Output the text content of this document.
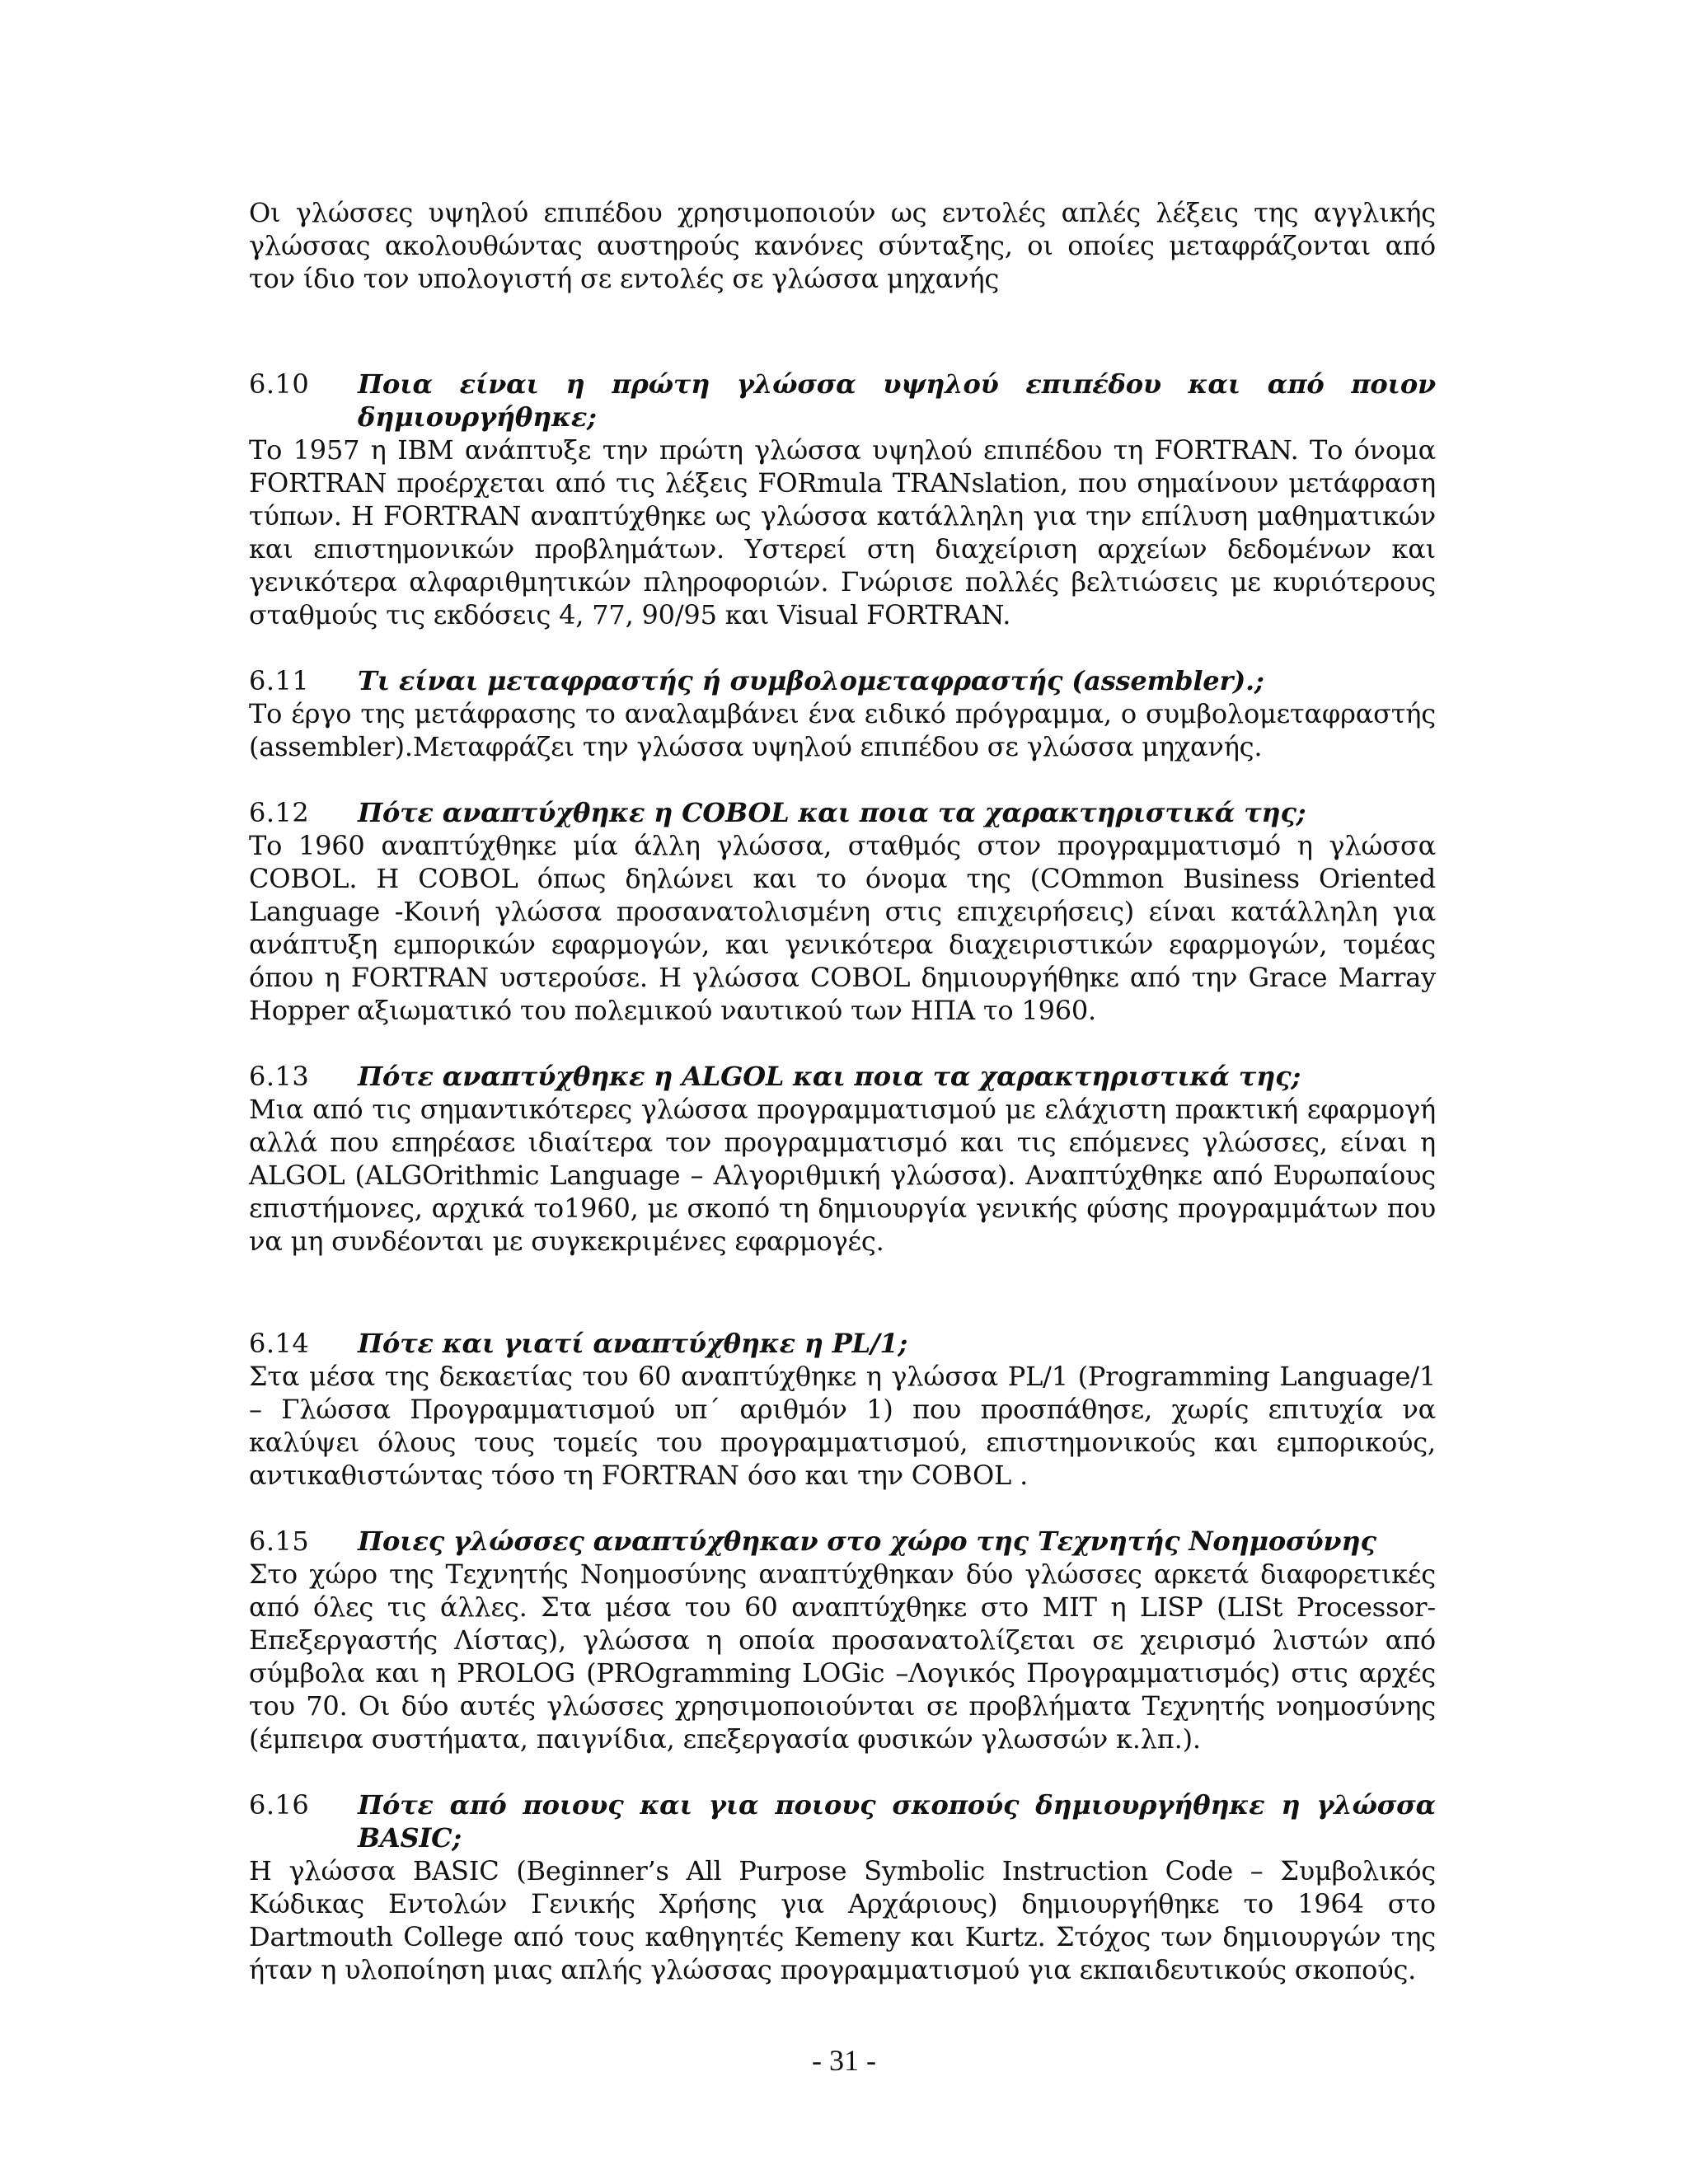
Οι γλώσσες υψηλού επιπέδου χρησιμοποιούν ως εντολές απλές λέξεις της αγγλικής γλώσσας ακολουθώντας αυστηρούς κανόνες σύνταξης, οι οποίες μεταφράζονται από τον ίδιο τον υπολογιστή σε εντολές σε γλώσσα μηχανής

6.10	Ποια είναι η πρώτη γλώσσα υψηλού επιπέδου και από ποιον δημιουργήθηκε;

Το 1957 η IBM ανάπτυξε την πρώτη γλώσσα υψηλού επιπέδου τη FORTRAN. Το όνομα FORTRAN προέρχεται από τις λέξεις FORmula TRANslation, που σημαίνουν μετάφραση τύπων. Η FORTRAN αναπτύχθηκε ως γλώσσα κατάλληλη για την επίλυση μαθηματικών και επιστημονικών προβλημάτων. Υστερεί στη διαχείριση αρχείων δεδομένων και γενικότερα αλφαριθμητικών πληροφοριών. Γνώρισε πολλές βελτιώσεις με κυριότερους σταθμούς τις εκδόσεις 4, 77, 90/95 και Visual FORTRAN.

6.11	Τι είναι μεταφραστής ή συμβολομεταφραστής (assembler).;

Το έργο της μετάφρασης το αναλαμβάνει ένα ειδικό πρόγραμμα, ο συμβολομεταφραστής (assembler).Μεταφράζει την γλώσσα υψηλού επιπέδου σε γλώσσα μηχανής.

6.12	Πότε αναπτύχθηκε η COBOL και ποια τα χαρακτηριστικά της;

Το 1960 αναπτύχθηκε μία άλλη γλώσσα, σταθμός στον προγραμματισμό η γλώσσα COBOL. Η COBOL όπως δηλώνει και το όνομα της (COmmon Business Oriented Language -Κοινή γλώσσα προσανατολισμένη στις επιχειρήσεις) είναι κατάλληλη για ανάπτυξη εμπορικών εφαρμογών, και γενικότερα διαχειριστικών εφαρμογών, τομέας όπου η FORTRAN υστερούσε. Η γλώσσα COBOL δημιουργήθηκε από την Grace Marray Hopper αξιωματικό του πολεμικού ναυτικού των ΗΠΑ το 1960.

6.13	Πότε αναπτύχθηκε η ALGOL και ποια τα χαρακτηριστικά της;

Μια από τις σημαντικότερες γλώσσα προγραμματισμού με ελάχιστη πρακτική εφαρμογή αλλά που επηρέασε ιδιαίτερα τον προγραμματισμό και τις επόμενες γλώσσες, είναι η ALGOL (ALGOrithmic Language – Αλγοριθμική γλώσσα). Αναπτύχθηκε από Ευρωπαίους επιστήμονες, αρχικά το1960, με σκοπό τη δημιουργία γενικής φύσης προγραμμάτων που να μη συνδέονται με συγκεκριμένες εφαρμογές.

6.14	Πότε και γιατί αναπτύχθηκε η PL/1;

Στα μέσα της δεκαετίας του 60 αναπτύχθηκε η γλώσσα PL/1 (Programming Language/1 – Γλώσσα Προγραμματισμού υπ΄ αριθμόν 1) που προσπάθησε, χωρίς επιτυχία να καλύψει όλους τους τομείς του προγραμματισμού, επιστημονικούς και εμπορικούς, αντικαθιστώντας τόσο τη FORTRAN όσο και την COBOL .

6.15	Ποιες γλώσσες αναπτύχθηκαν στο χώρο της Τεχνητής Νοημοσύνης

Στο χώρο της Τεχνητής Νοημοσύνης αναπτύχθηκαν δύο γλώσσες αρκετά διαφορετικές από όλες τις άλλες. Στα μέσα του 60 αναπτύχθηκε στο MIT η LISP (LISt Processor-Επεξεργαστής Λίστας), γλώσσα η οποία προσανατολίζεται σε χειρισμό λιστών από σύμβολα και η PROLOG (PROgramming LOGic –Λογικός Προγραμματισμός) στις αρχές του 70. Οι δύο αυτές γλώσσες χρησιμοποιούνται σε προβλήματα Τεχνητής νοημοσύνης (έμπειρα συστήματα, παιγνίδια, επεξεργασία φυσικών γλωσσών κ.λπ.).

6.16	Πότε από ποιους και για ποιους σκοπούς δημιουργήθηκε η γλώσσα BASIC;

Η γλώσσα BASIC (Beginner’s All Purpose Symbolic Instruction Code – Συμβολικός Κώδικας Εντολών Γενικής Χρήσης για Αρχάριους) δημιουργήθηκε το 1964 στο Dartmouth College από τους καθηγητές Kemeny και Kurtz. Στόχος των δημιουργών της ήταν η υλοποίηση μιας απλής γλώσσας προγραμματισμού για εκπαιδευτικούς σκοπούς.

- 31 -
